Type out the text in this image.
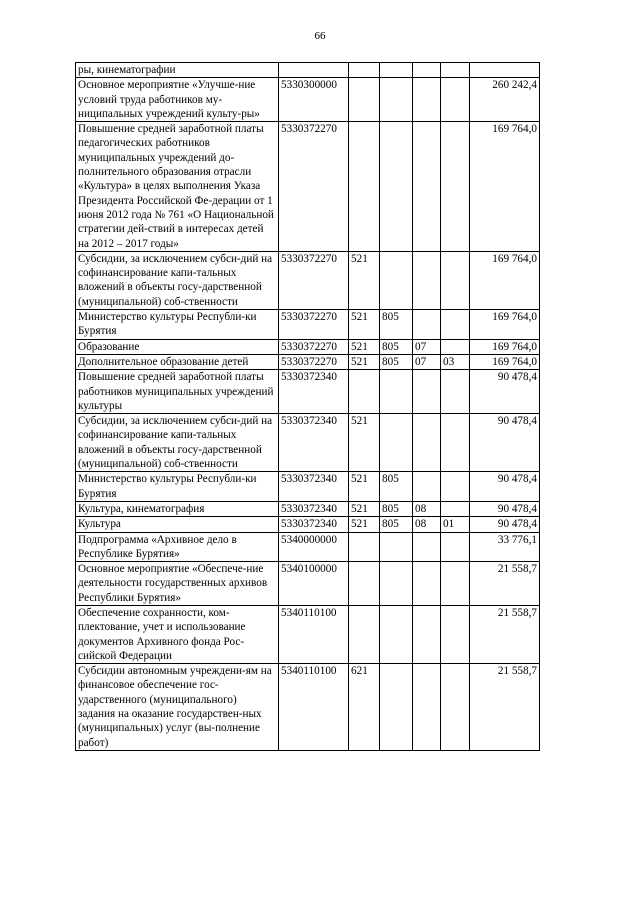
66
ры, кинематографии						
Основное мероприятие «Улучше-ние условий труда работников му-ниципальных учреждений культу-ры»	5330300000					260 242,4
Повышение средней заработной платы педагогических работников муниципальных учреждений до-полнительного образования отрасли «Культура» в целях выполнения Указа Президента Российской Фе-дерации от 1 июня 2012 года № 761 «О Национальной стратегии дей-ствий в интересах детей на 2012 – 2017 годы»	5330372270					169 764,0
Субсидии, за исключением субси-дий на софинансирование капи-тальных вложений в объекты госу-дарственной (муниципальной) соб-ственности	5330372270	521				169 764,0
Министерство культуры Республи-ки Бурятия	5330372270	521	805			169 764,0
Образование	5330372270	521	805	07		169 764,0
Дополнительное образование детей	5330372270	521	805	07	03	169 764,0
Повышение средней заработной платы работников муниципальных учреждений культуры	5330372340					90 478,4
Субсидии, за исключением субси-дий на софинансирование капи-тальных вложений в объекты госу-дарственной (муниципальной) соб-ственности	5330372340	521				90 478,4
Министерство культуры Республи-ки Бурятия	5330372340	521	805			90 478,4
Культура, кинематография	5330372340	521	805	08		90 478,4
Культура	5330372340	521	805	08	01	90 478,4
Подпрограмма «Архивное дело в Республике Бурятия»	5340000000					33 776,1
Основное мероприятие «Обеспече-ние деятельности государственных архивов Республики Бурятия»	5340100000					21 558,7
Обеспечение сохранности, ком-плектование, учет и использование документов Архивного фонда Рос-сийской Федерации	5340110100					21 558,7
Субсидии автономным учреждени-ям на финансовое обеспечение гос-ударственного (муниципального) задания на оказание государствен-ных (муниципальных) услуг (вы-полнение работ)	5340110100	621				21 558,7
